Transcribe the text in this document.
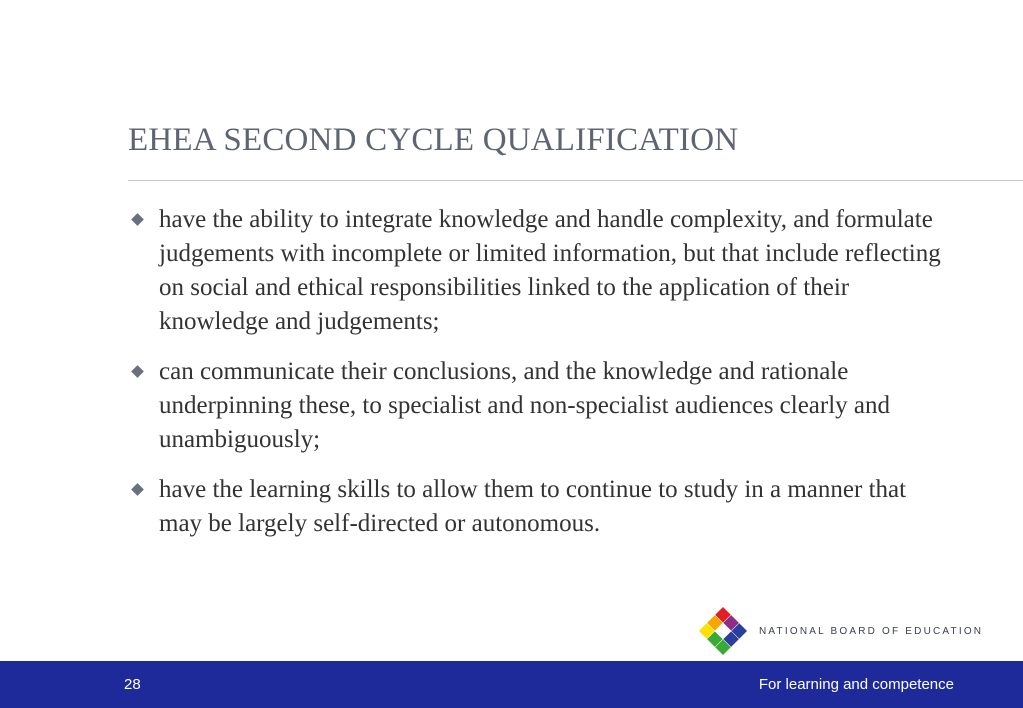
EHEA SECOND CYCLE QUALIFICATION
have the ability to integrate knowledge and handle complexity, and formulate judgements with incomplete or limited information, but that include reflecting on social and ethical responsibilities linked to the application of their knowledge and judgements;
can communicate their conclusions, and the knowledge and rationale underpinning these, to specialist and non-specialist audiences clearly and unambiguously;
have the learning skills to allow them to continue to study in a manner that may be largely self-directed or autonomous.
NATIONAL BOARD OF EDUCATION
28	For learning and competence
